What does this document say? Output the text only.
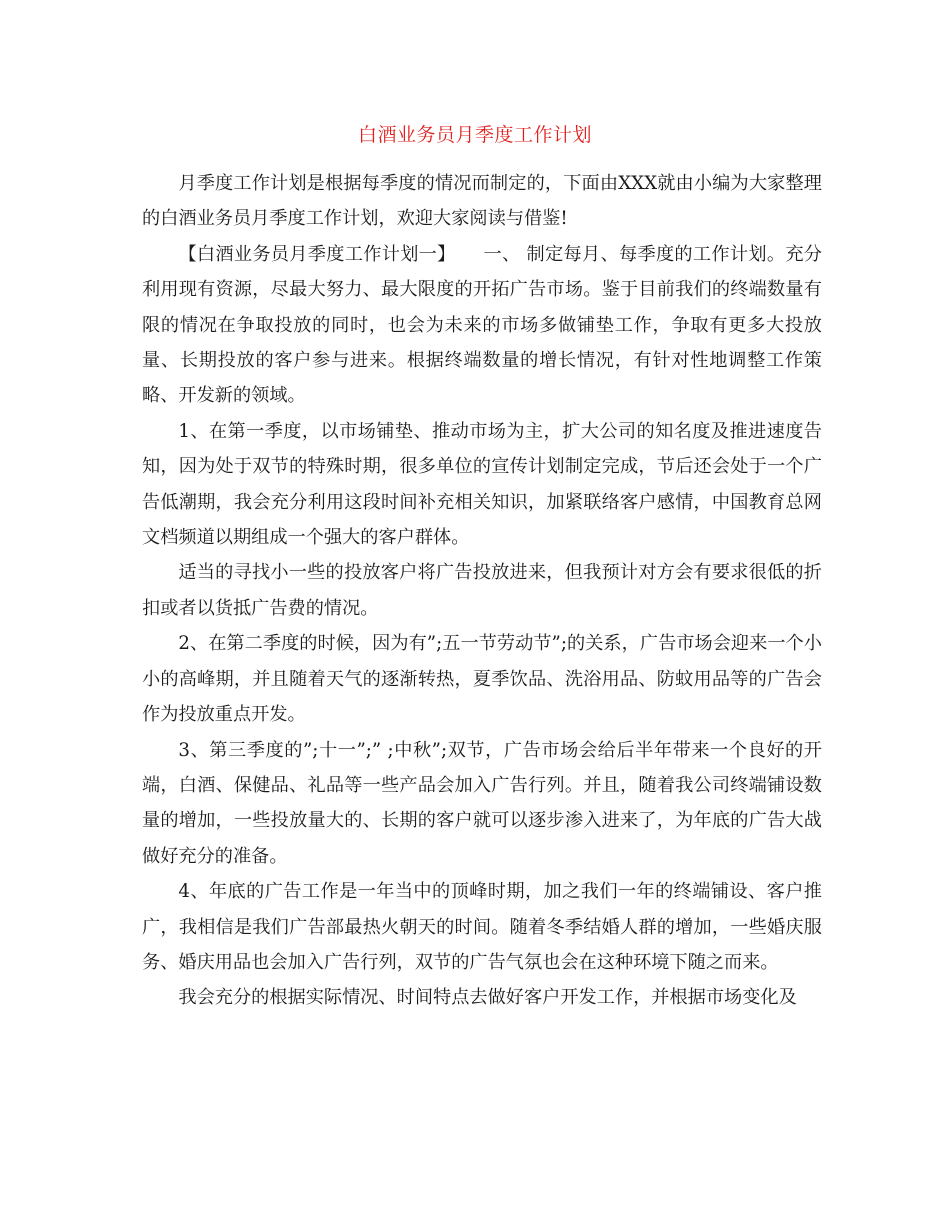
白酒业务员月季度工作计划

月季度工作计划是根据每季度的情况而制定的，下面由XXX就由小编为大家整理的白酒业务员月季度工作计划，欢迎大家阅读与借鉴!

【白酒业务员月季度工作计划一】　　一、 制定每月、每季度的工作计划。充分利用现有资源，尽最大努力、最大限度的开拓广告市场。鉴于目前我们的终端数量有限的情况在争取投放的同时，也会为未来的市场多做铺垫工作，争取有更多大投放量、长期投放的客户参与进来。根据终端数量的增长情况，有针对性地调整工作策略、开发新的领域。

1、在第一季度，以市场铺垫、推动市场为主，扩大公司的知名度及推进速度告知，因为处于双节的特殊时期，很多单位的宣传计划制定完成，节后还会处于一个广告低潮期，我会充分利用这段时间补充相关知识，加紧联络客户感情，中国教育总网文档频道以期组成一个强大的客户群体。

适当的寻找小一些的投放客户将广告投放进来，但我预计对方会有要求很低的折扣或者以货抵广告费的情况。

2、在第二季度的时候，因为有”;五一节劳动节”;的关系，广告市场会迎来一个小小的高峰期，并且随着天气的逐渐转热，夏季饮品、洗浴用品、防蚊用品等的广告会作为投放重点开发。

3、第三季度的”;十一”;” ;中秋”;双节，广告市场会给后半年带来一个良好的开端，白酒、保健品、礼品等一些产品会加入广告行列。并且，随着我公司终端铺设数量的增加，一些投放量大的、长期的客户就可以逐步渗入进来了，为年底的广告大战做好充分的准备。

4、年底的广告工作是一年当中的顶峰时期，加之我们一年的终端铺设、客户推广，我相信是我们广告部最热火朝天的时间。随着冬季结婚人群的增加，一些婚庆服务、婚庆用品也会加入广告行列，双节的广告气氛也会在这种环境下随之而来。

我会充分的根据实际情况、时间特点去做好客户开发工作，并根据市场变化及
